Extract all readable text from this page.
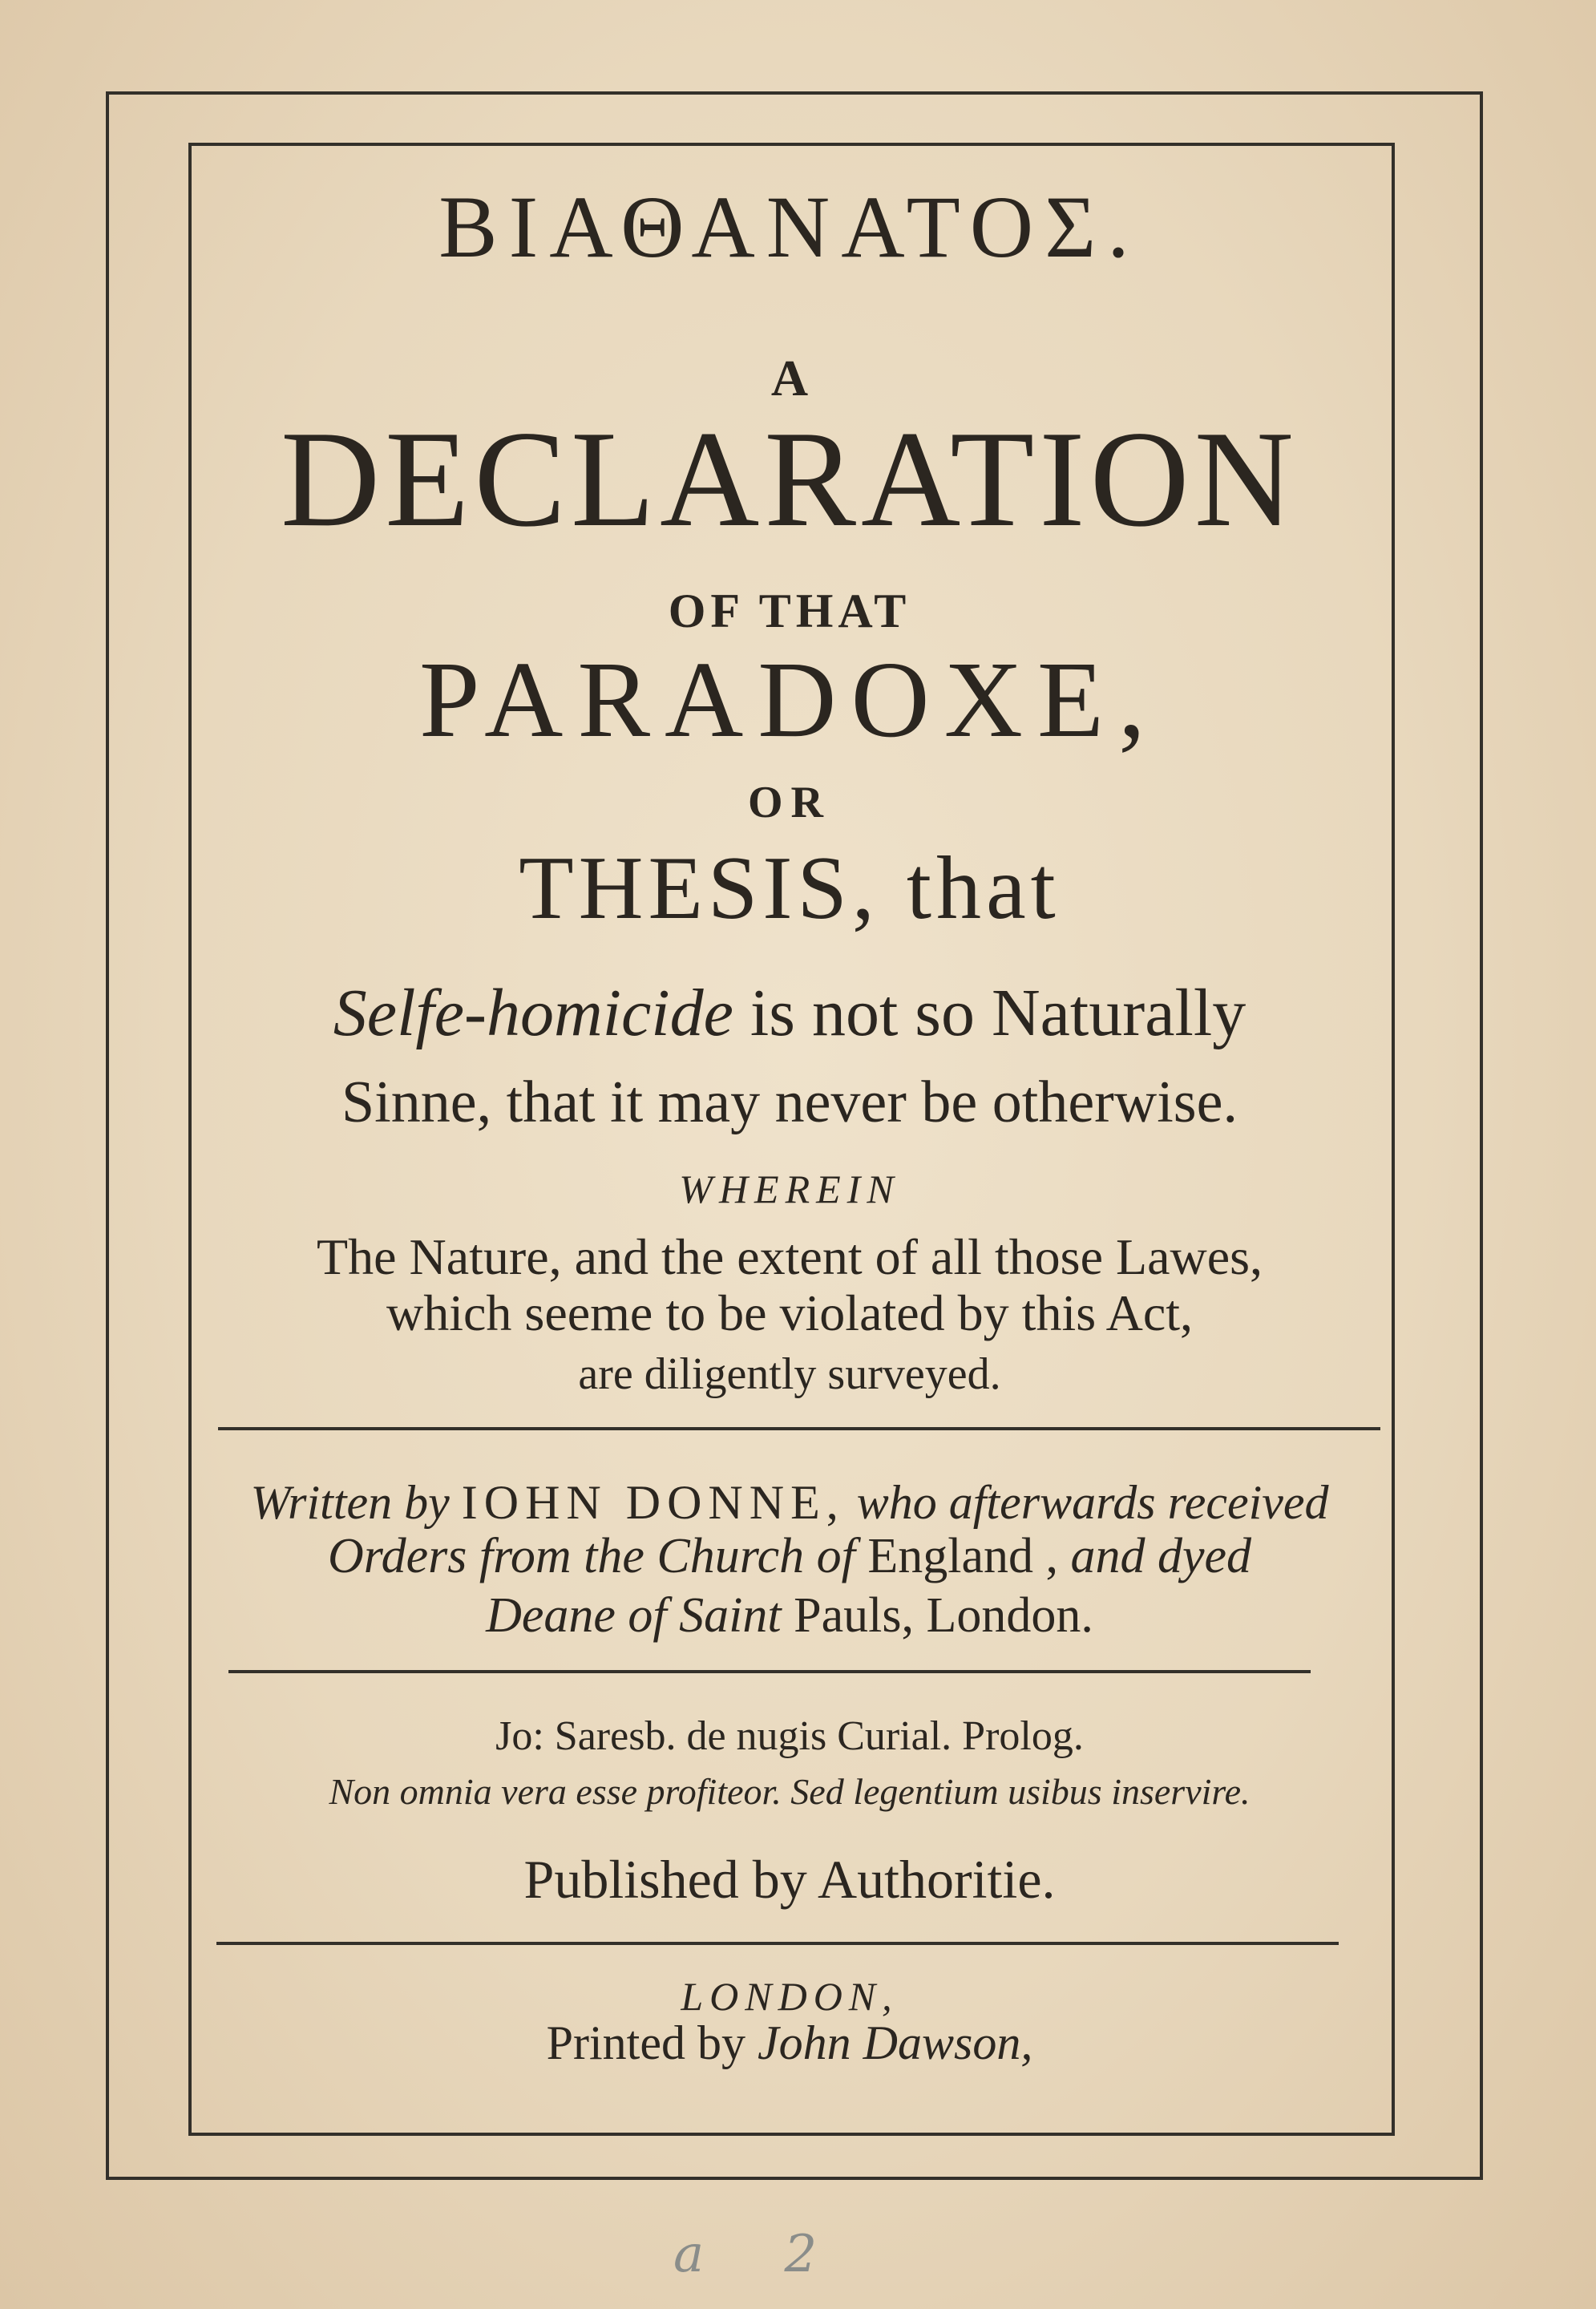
ΒΙΑΘΑΝΑΤΟΣ.
A
DECLARATION
OF THAT
PARADOXE,
OR
THESIS, that
Selfe-homicide is not so Naturally
Sinne, that it may never be otherwise.
WHEREIN
The Nature, and the extent of all those Lawes,
which seeme to be violated by this Act,
are diligently surveyed.
Written by IOHN DONNE, who afterwards received
Orders from the Church of England , and dyed
Deane of Saint Pauls, London.
Jo: Saresb. de nugis Curial. Prolog.
Non omnia vera esse profiteor. Sed legentium usibus inservire.
Published by Authoritie.
LONDON,
Printed by John Dawson,
a 2
